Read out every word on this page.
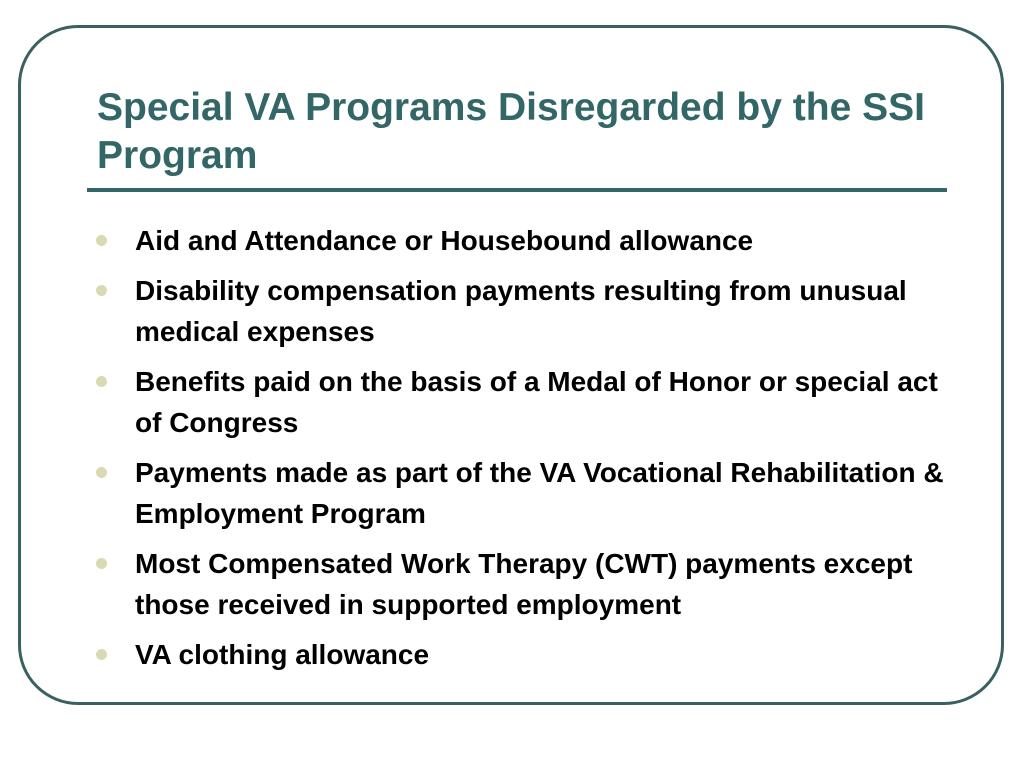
Special VA Programs Disregarded by the SSI Program
Aid and Attendance or Housebound allowance
Disability compensation payments resulting from unusual medical expenses
Benefits paid on the basis of a Medal of Honor or special act of Congress
Payments made as part of the VA Vocational Rehabilitation & Employment Program
Most Compensated Work Therapy (CWT) payments except those received in supported employment
VA clothing allowance
